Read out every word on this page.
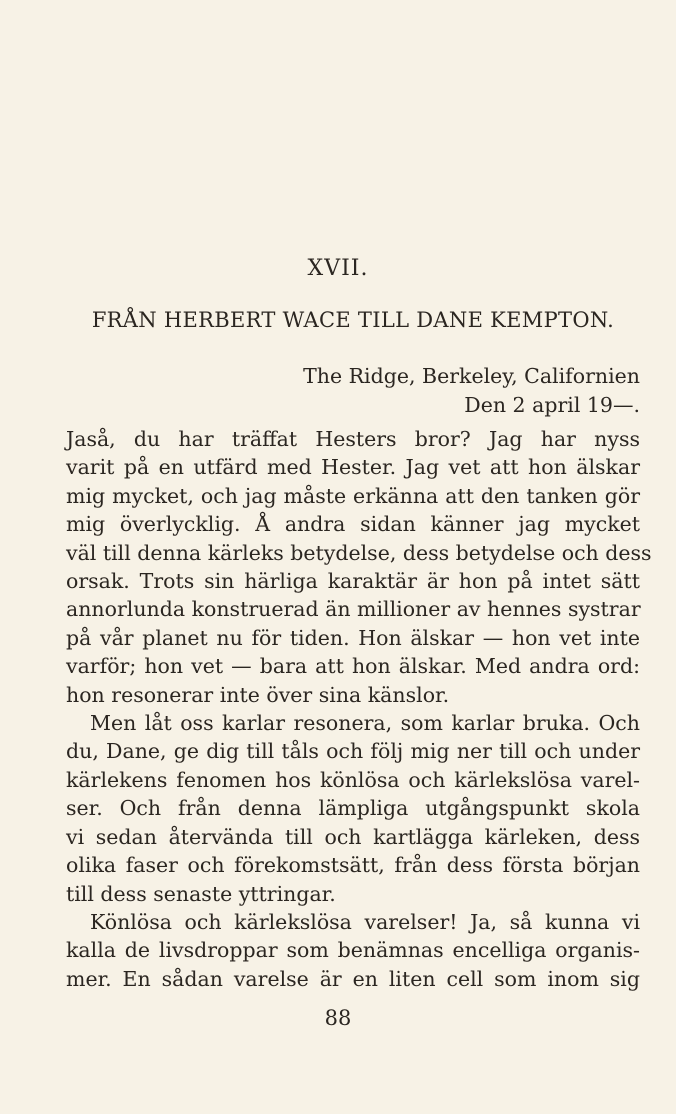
XVII.
FRÅN HERBERT WACE TILL DANE KEMPTON.
The Ridge, Berkeley, Californien
Den 2 april 19—.

Jaså, du har träffat Hesters bror? Jag har nyss
varit på en utfärd med Hester. Jag vet att hon älskar
mig mycket, och jag måste erkänna att den tanken gör
mig överlycklig. Å andra sidan känner jag mycket
väl till denna kärleks betydelse, dess betydelse och dess
orsak. Trots sin härliga karaktär är hon på intet sätt
annorlunda konstruerad än millioner av hennes systrar
på vår planet nu för tiden. Hon älskar — hon vet inte
varför; hon vet — bara att hon älskar. Med andra ord:
hon resonerar inte över sina känslor.

Men låt oss karlar resonera, som karlar bruka. Och
du, Dane, ge dig till tåls och följ mig ner till och under
kärlekens fenomen hos könlösa och kärlekslösa varel-
ser. Och från denna lämpliga utgångspunkt skola
vi sedan återvända till och kartlägga kärleken, dess
olika faser och förekomstsätt, från dess första början
till dess senaste yttringar.

Könlösa och kärlekslösa varelser! Ja, så kunna vi
kalla de livsdroppar som benämnas encelliga organis-
mer. En sådan varelse är en liten cell som inom sig

88
